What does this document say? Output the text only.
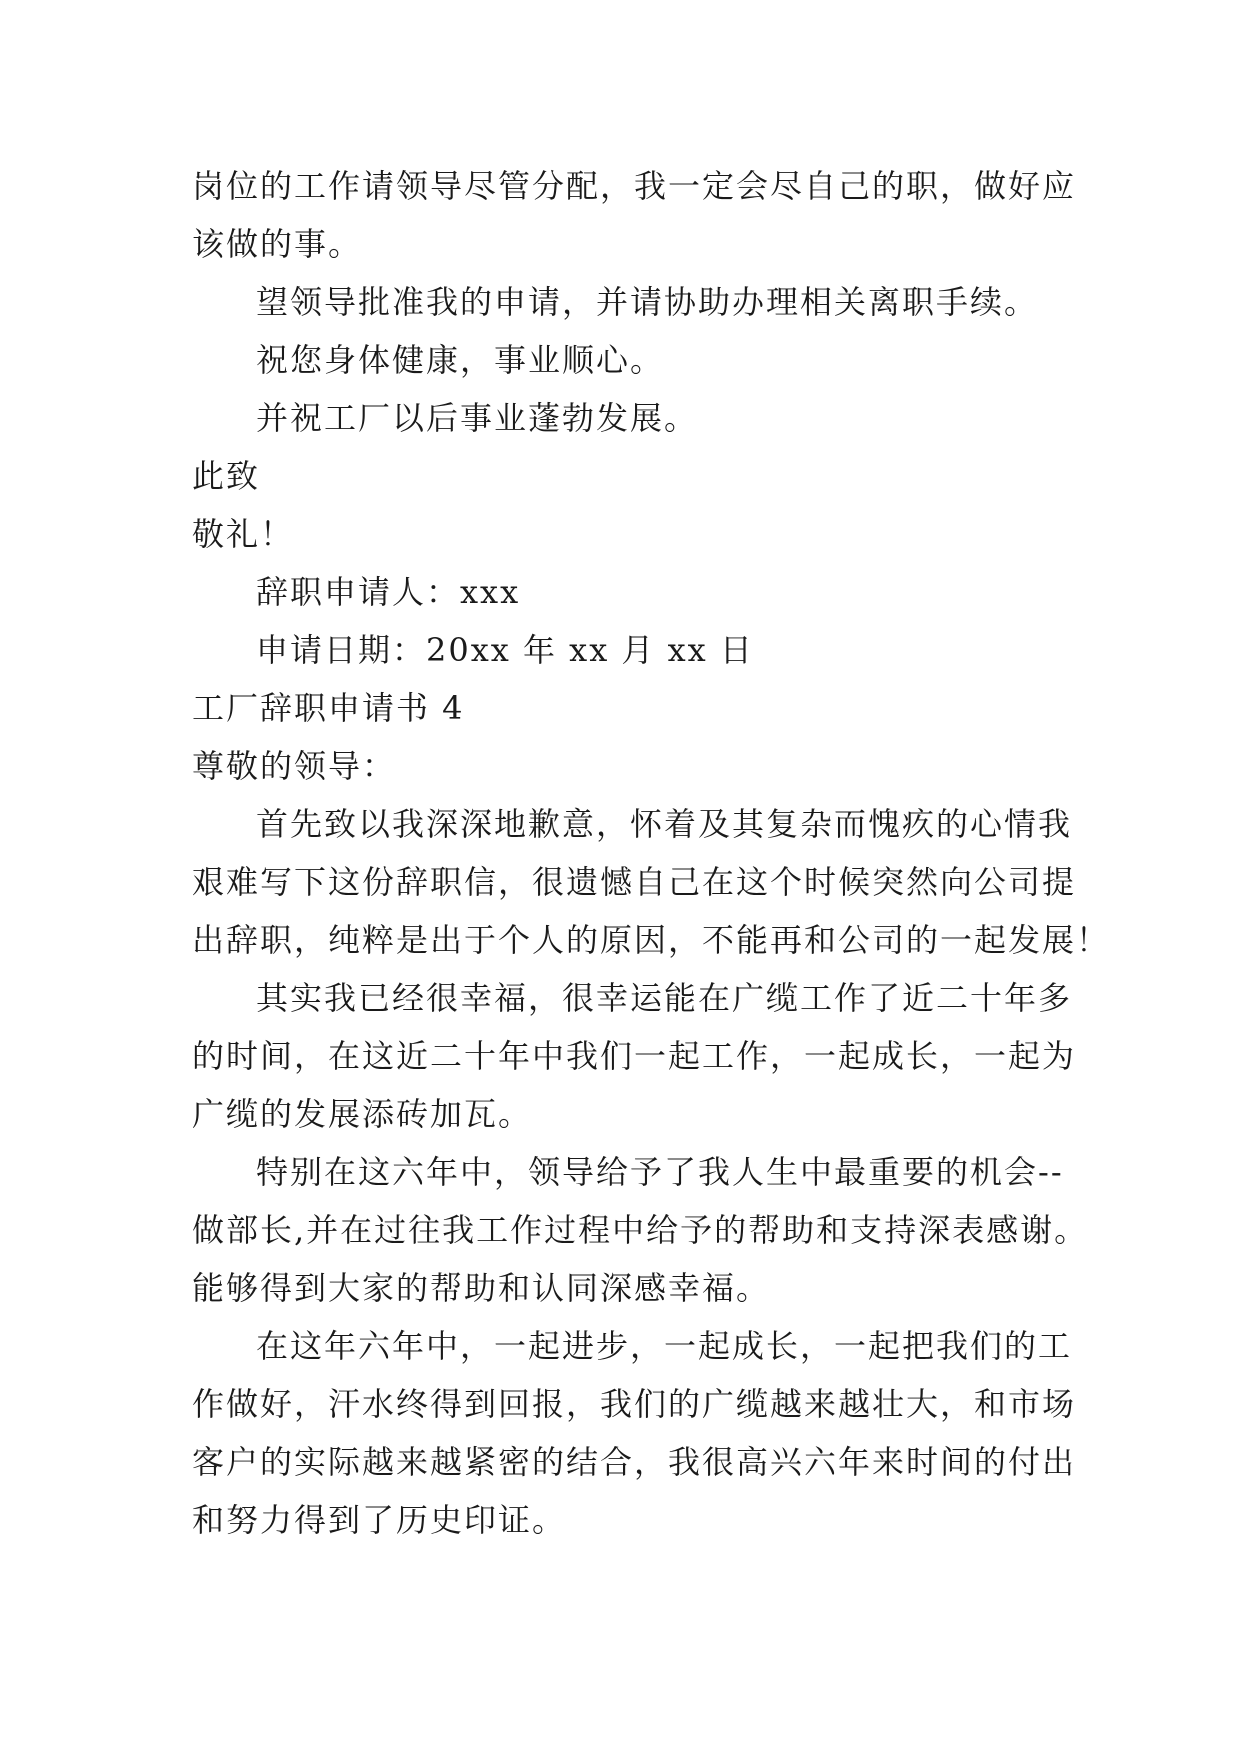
岗位的工作请领导尽管分配，我一定会尽自己的职，做好应
该做的事。
望领导批准我的申请，并请协助办理相关离职手续。
祝您身体健康，事业顺心。
并祝工厂以后事业蓬勃发展。
此致
敬礼！
辞职申请人：xxx
申请日期：20xx 年 xx 月 xx 日
工厂辞职申请书 4
尊敬的领导：
首先致以我深深地歉意，怀着及其复杂而愧疚的心情我
艰难写下这份辞职信，很遗憾自己在这个时候突然向公司提
出辞职，纯粹是出于个人的原因，不能再和公司的一起发展！
其实我已经很幸福，很幸运能在广缆工作了近二十年多
的时间，在这近二十年中我们一起工作，一起成长，一起为
广缆的发展添砖加瓦。
特别在这六年中，领导给予了我人生中最重要的机会--
做部长,并在过往我工作过程中给予的帮助和支持深表感谢。
能够得到大家的帮助和认同深感幸福。
在这年六年中，一起进步，一起成长，一起把我们的工
作做好，汗水终得到回报，我们的广缆越来越壮大，和市场
客户的实际越来越紧密的结合，我很高兴六年来时间的付出
和努力得到了历史印证。
